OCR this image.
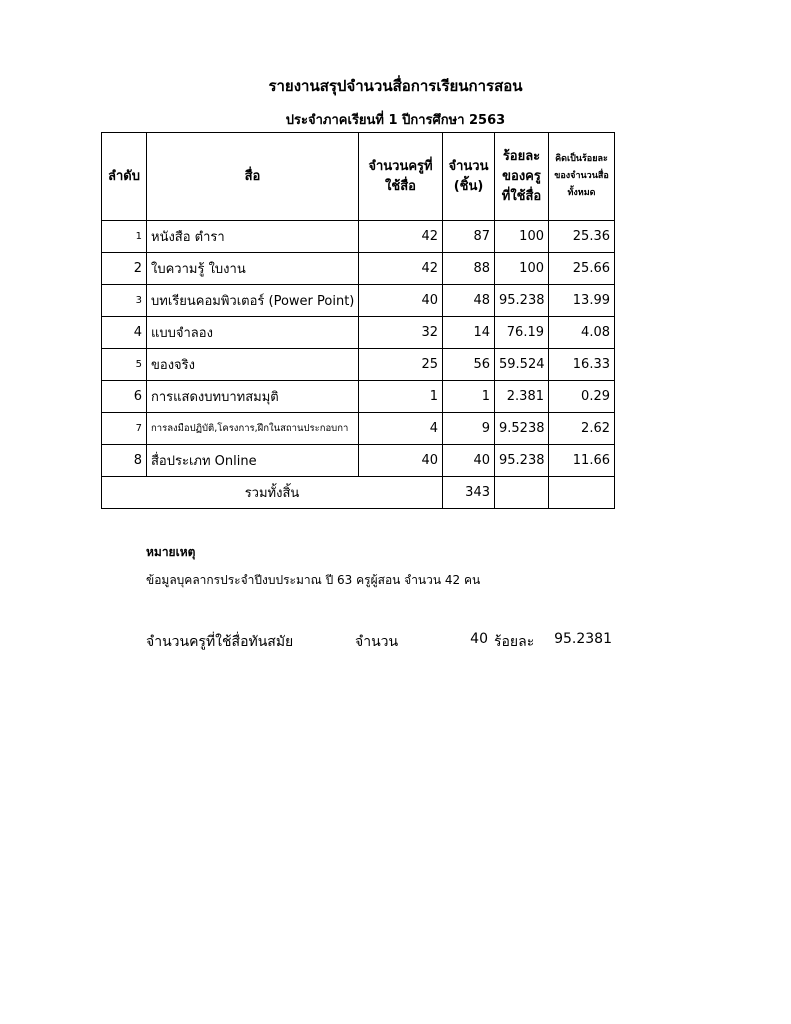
รายงานสรุปจำนวนสื่อการเรียนการสอน
ประจำภาคเรียนที่ 1 ปีการศึกษา 2563
ลำดับ	สื่อ	จำนวนครูที่ใช้สื่อ	จำนวน (ชิ้น)	ร้อยละของครูที่ใช้สื่อ	คิดเป็นร้อยละของจำนวนสื่อทั้งหมด
1	หนังสือ ตำรา	42	87	100	25.36
2	ใบความรู้ ใบงาน	42	88	100	25.66
3	บทเรียนคอมพิวเตอร์ (Power Point)	40	48	95.238	13.99
4	แบบจำลอง	32	14	76.19	4.08
5	ของจริง	25	56	59.524	16.33
6	การแสดงบทบาทสมมุติ	1	1	2.381	0.29
7	การลงมือปฏิบัติ,โครงการ,ฝึกในสถานประกอบกา	4	9	9.5238	2.62
8	สื่อประเภท Online	40	40	95.238	11.66
รวมทั้งสิ้น			343		
หมายเหตุ
ข้อมูลบุคลากรประจำปีงบประมาณ ปี 63 ครูผู้สอน จำนวน 42 คน
จำนวนครูที่ใช้สื่อทันสมัย	จำนวน	40 ร้อยละ	95.2381
